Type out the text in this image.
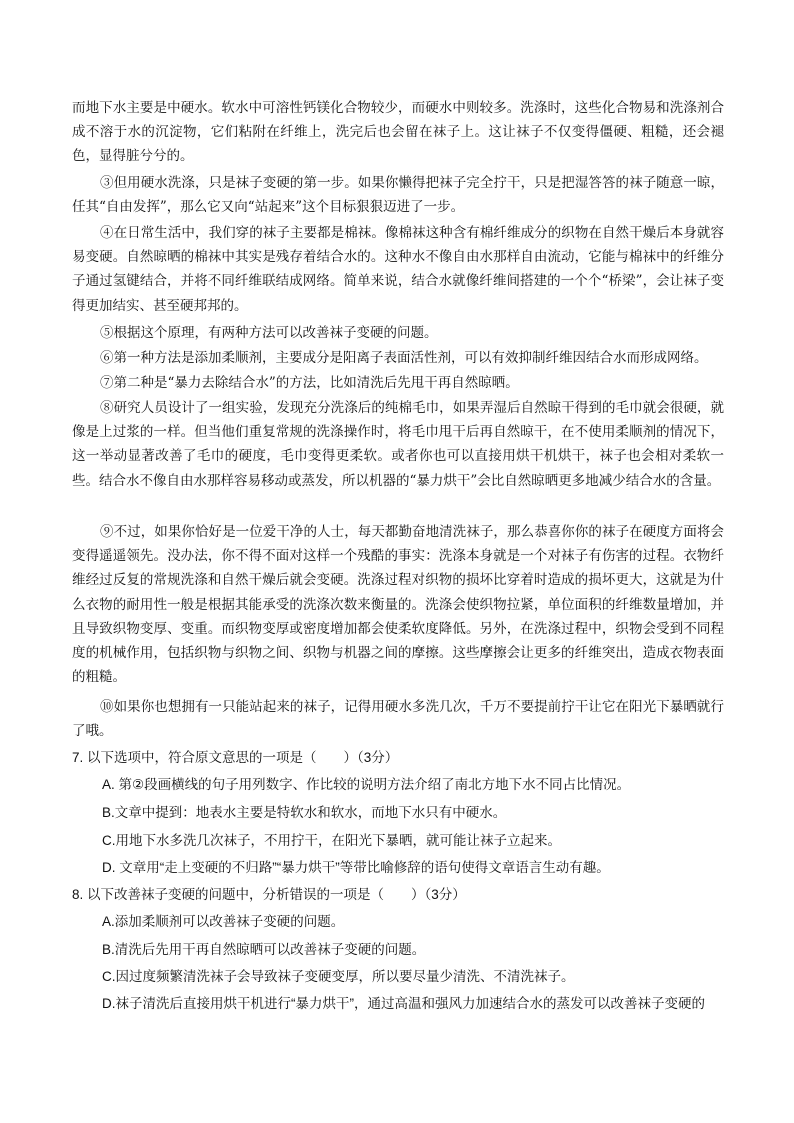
而地下水主要是中硬水。软水中可溶性钙镁化合物较少，而硬水中则较多。洗涤时，这些化合物易和洗涤剂合成不溶于水的沉淀物，它们粘附在纤维上，洗完后也会留在袜子上。这让袜子不仅变得僵硬、粗糙，还会褪色，显得脏兮兮的。

③但用硬水洗涤，只是袜子变硬的第一步。如果你懒得把袜子完全拧干，只是把湿答答的袜子随意一晾，任其“自由发挥”，那么它又向“站起来”这个目标狠狠迈进了一步。

④在日常生活中，我们穿的袜子主要都是棉袜。像棉袜这种含有棉纤维成分的织物在自然干燥后本身就容易变硬。自然晾晒的棉袜中其实是残存着结合水的。这种水不像自由水那样自由流动，它能与棉袜中的纤维分子通过氢键结合，并将不同纤维联结成网络。简单来说，结合水就像纤维间搭建的一个个“桥梁”，会让袜子变得更加结实、甚至硬邦邦的。

⑤根据这个原理，有两种方法可以改善袜子变硬的问题。

⑥第一种方法是添加柔顺剂，主要成分是阳离子表面活性剂，可以有效抑制纤维因结合水而形成网络。

⑦第二种是“暴力去除结合水”的方法，比如清洗后先甩干再自然晾晒。

⑧研究人员设计了一组实验，发现充分洗涤后的纯棉毛巾，如果弄湿后自然晾干得到的毛巾就会很硬，就像是上过浆的一样。但当他们重复常规的洗涤操作时，将毛巾甩干后再自然晾干，在不使用柔顺剂的情况下，这一举动显著改善了毛巾的硬度，毛巾变得更柔软。或者你也可以直接用烘干机烘干，袜子也会相对柔软一些。结合水不像自由水那样容易移动或蒸发，所以机器的“暴力烘干”会比自然晾晒更多地减少结合水的含量。

⑨不过，如果你恰好是一位爱干净的人士，每天都勤奋地清洗袜子，那么恭喜你你的袜子在硬度方面将会变得遥遥领先。没办法，你不得不面对这样一个残酷的事实：洗涤本身就是一个对袜子有伤害的过程。衣物纤维经过反复的常规洗涤和自然干燥后就会变硬。洗涤过程对织物的损坏比穿着时造成的损坏更大，这就是为什么衣物的耐用性一般是根据其能承受的洗涤次数来衡量的。洗涤会使织物拉紧，单位面积的纤维数量增加，并且导致织物变厚、变重。而织物变厚或密度增加都会使柔软度降低。另外，在洗涤过程中，织物会受到不同程度的机械作用，包括织物与织物之间、织物与机器之间的摩擦。这些摩擦会让更多的纤维突出，造成衣物表面的粗糙。

⑩如果你也想拥有一只能站起来的袜子，记得用硬水多洗几次，千万不要提前拧干让它在阳光下暴晒就行了哦。

7. 以下选项中，符合原文意思的一项是（　　）（3分）
A. 第②段画横线的句子用列数字、作比较的说明方法介绍了南北方地下水不同占比情况。
B.文章中提到：地表水主要是特软水和软水，而地下水只有中硬水。
C.用地下水多洗几次袜子，不用拧干，在阳光下暴晒，就可能让袜子立起来。
D. 文章用“走上变硬的不归路”“暴力烘干”等带比喻修辞的语句使得文章语言生动有趣。
8. 以下改善袜子变硬的问题中，分析错误的一项是（　　）（3分）
A.添加柔顺剂可以改善袜子变硬的问题。
B.清洗后先用干再自然晾晒可以改善袜子变硬的问题。
C.因过度频繁清洗袜子会导致袜子变硬变厚，所以要尽量少清洗、不清洗袜子。
D.袜子清洗后直接用烘干机进行“暴力烘干”，通过高温和强风力加速结合水的蒸发可以改善袜子变硬的
